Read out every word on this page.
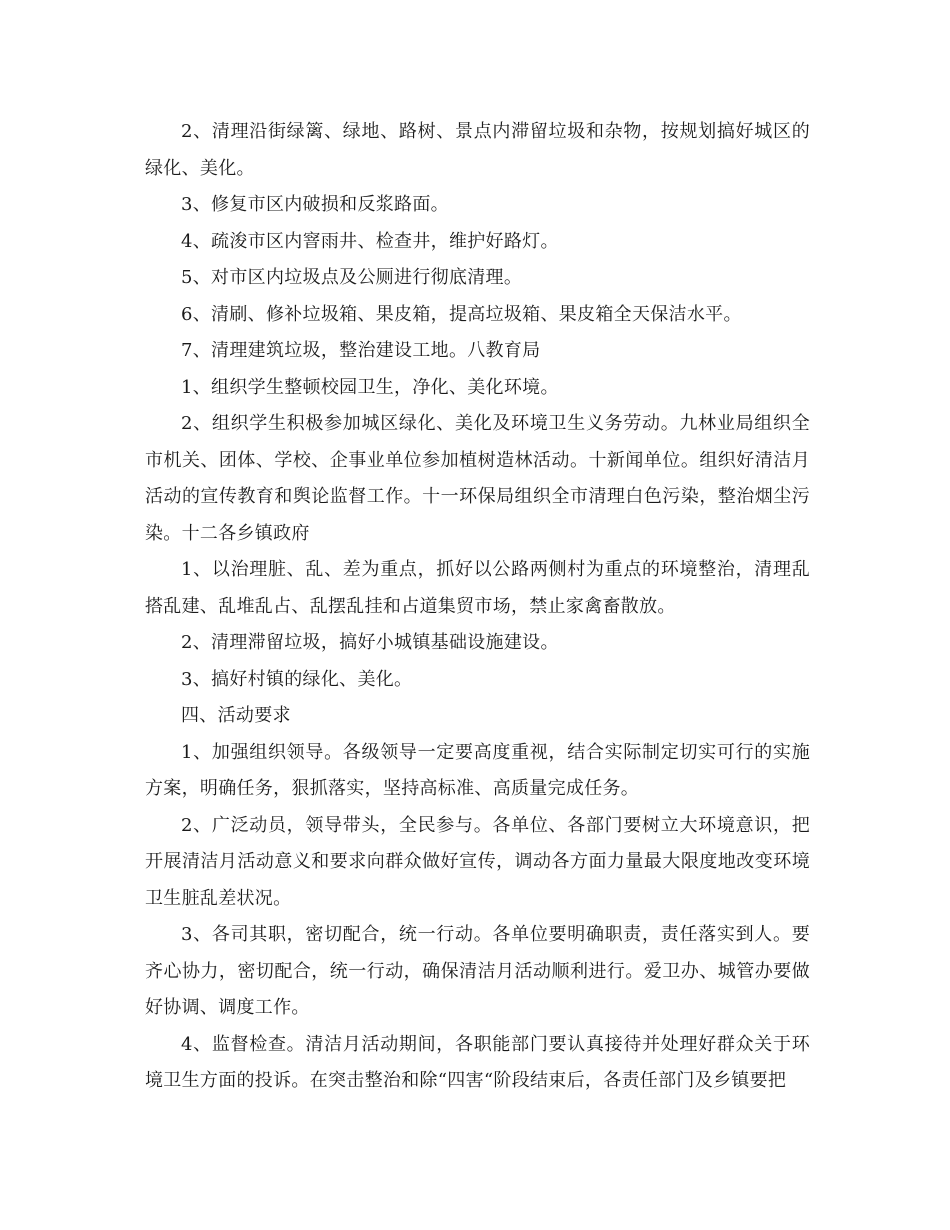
2、清理沿街绿篱、绿地、路树、景点内滞留垃圾和杂物，按规划搞好城区的绿化、美化。

3、修复市区内破损和反浆路面。

4、疏浚市区内窨雨井、检查井，维护好路灯。

5、对市区内垃圾点及公厕进行彻底清理。

6、清刷、修补垃圾箱、果皮箱，提高垃圾箱、果皮箱全天保洁水平。

7、清理建筑垃圾，整治建设工地。八教育局

1、组织学生整顿校园卫生，净化、美化环境。

2、组织学生积极参加城区绿化、美化及环境卫生义务劳动。九林业局组织全市机关、团体、学校、企事业单位参加植树造林活动。十新闻单位。组织好清洁月活动的宣传教育和舆论监督工作。十一环保局组织全市清理白色污染，整治烟尘污染。十二各乡镇政府

1、以治理脏、乱、差为重点，抓好以公路两侧村为重点的环境整治，清理乱搭乱建、乱堆乱占、乱摆乱挂和占道集贸市场，禁止家禽畜散放。

2、清理滞留垃圾，搞好小城镇基础设施建设。

3、搞好村镇的绿化、美化。

四、活动要求

1、加强组织领导。各级领导一定要高度重视，结合实际制定切实可行的实施方案，明确任务，狠抓落实，坚持高标准、高质量完成任务。

2、广泛动员，领导带头，全民参与。各单位、各部门要树立大环境意识，把开展清洁月活动意义和要求向群众做好宣传，调动各方面力量最大限度地改变环境卫生脏乱差状况。

3、各司其职，密切配合，统一行动。各单位要明确职责，责任落实到人。要齐心协力，密切配合，统一行动，确保清洁月活动顺利进行。爱卫办、城管办要做好协调、调度工作。

4、监督检查。清洁月活动期间，各职能部门要认真接待并处理好群众关于环境卫生方面的投诉。在突击整治和除“四害“阶段结束后，各责任部门及乡镇要把
